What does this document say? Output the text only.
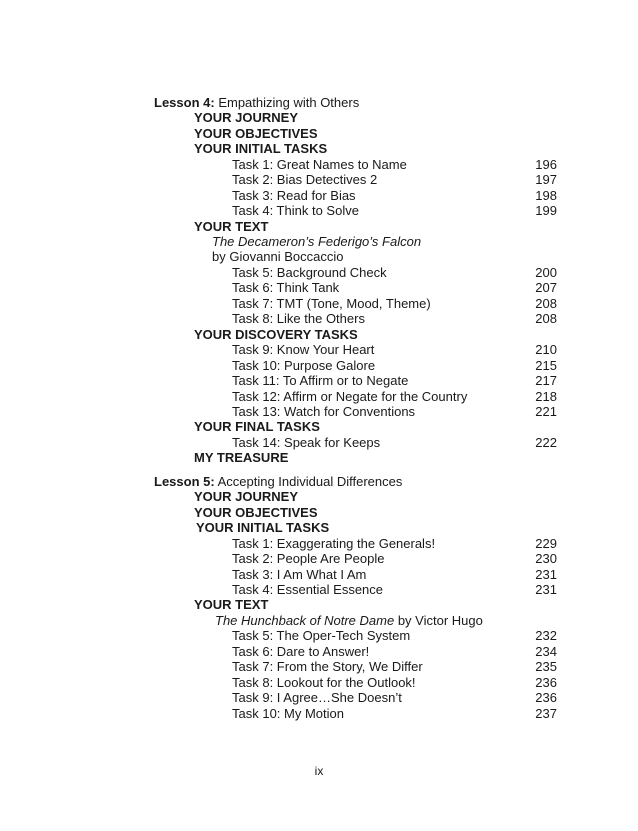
Lesson 4: Empathizing with Others
YOUR JOURNEY
YOUR OBJECTIVES
YOUR INITIAL TASKS
Task 1: Great Names to Name	196
Task 2: Bias Detectives 2	197
Task 3: Read for Bias	198
Task 4: Think to Solve	199
YOUR TEXT
The Decameron’s Federigo’s Falcon
by Giovanni Boccaccio
Task 5: Background Check	200
Task 6: Think Tank	207
Task 7: TMT (Tone, Mood, Theme)	208
Task 8: Like the Others	208
YOUR DISCOVERY TASKS
Task 9: Know Your Heart	210
Task 10: Purpose Galore	215
Task 11: To Affirm or to Negate	217
Task 12: Affirm or Negate for the Country	218
Task 13: Watch for Conventions	221
YOUR FINAL TASKS
Task 14: Speak for Keeps	222
MY TREASURE
Lesson 5: Accepting Individual Differences
YOUR JOURNEY
YOUR OBJECTIVES
YOUR INITIAL TASKS
Task 1: Exaggerating the Generals!	229
Task 2: People Are People	230
Task 3: I Am What I Am	231
Task 4: Essential Essence	231
YOUR TEXT
The Hunchback of Notre Dame by Victor Hugo
Task 5: The Oper-Tech System	232
Task 6: Dare to Answer!	234
Task 7: From the Story, We Differ	235
Task 8: Lookout for the Outlook!	236
Task 9: I Agree…She Doesn’t	236
Task 10: My Motion	237
ix
